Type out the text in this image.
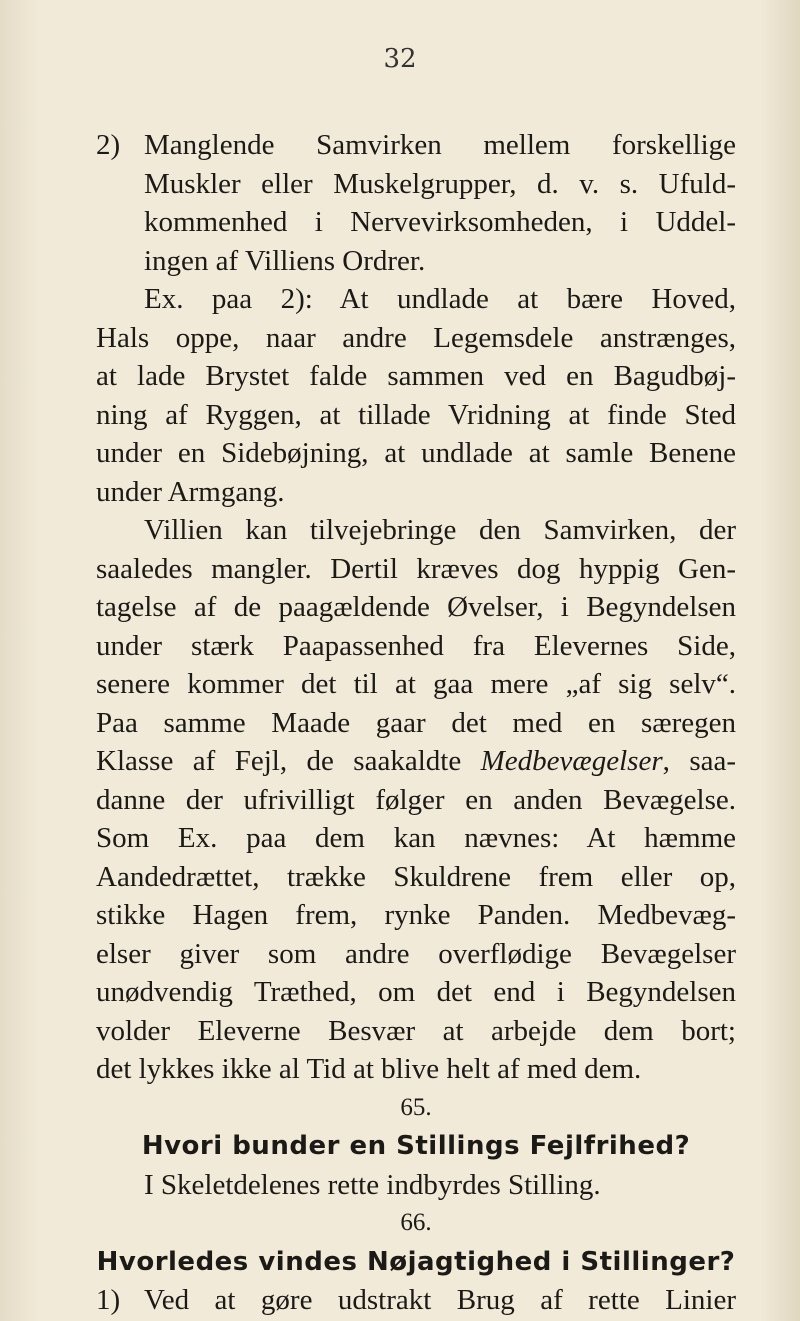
32
2) Manglende Samvirken mellem forskellige
Muskler eller Muskelgrupper, d. v. s. Ufuld-
kommenhed i Nervevirksomheden, i Uddel-
ingen af Villiens Ordrer.
Ex. paa 2): At undlade at bære Hoved,
Hals oppe, naar andre Legemsdele anstrænges,
at lade Brystet falde sammen ved en Bagudbøj-
ning af Ryggen, at tillade Vridning at finde Sted
under en Sidebøjning, at undlade at samle Benene
under Armgang.
Villien kan tilvejebringe den Samvirken, der
saaledes mangler. Dertil kræves dog hyppig Gen-
tagelse af de paagældende Øvelser, i Begyndelsen
under stærk Paapassenhed fra Elevernes Side,
senere kommer det til at gaa mere „af sig selv“.
Paa samme Maade gaar det med en særegen
Klasse af Fejl, de saakaldte Medbevægelser, saa-
danne der ufrivilligt følger en anden Bevægelse.
Som Ex. paa dem kan nævnes: At hæmme
Aandedrættet, trække Skuldrene frem eller op,
stikke Hagen frem, rynke Panden. Medbevæg-
elser giver som andre overflødige Bevægelser
unødvendig Træthed, om det end i Begyndelsen
volder Eleverne Besvær at arbejde dem bort;
det lykkes ikke al Tid at blive helt af med dem.
65.
Hvori bunder en Stillings Fejlfrihed?
I Skeletdelenes rette indbyrdes Stilling.
66.
Hvorledes vindes Nøjagtighed i Stillinger?
1) Ved at gøre udstrakt Brug af rette Linier
